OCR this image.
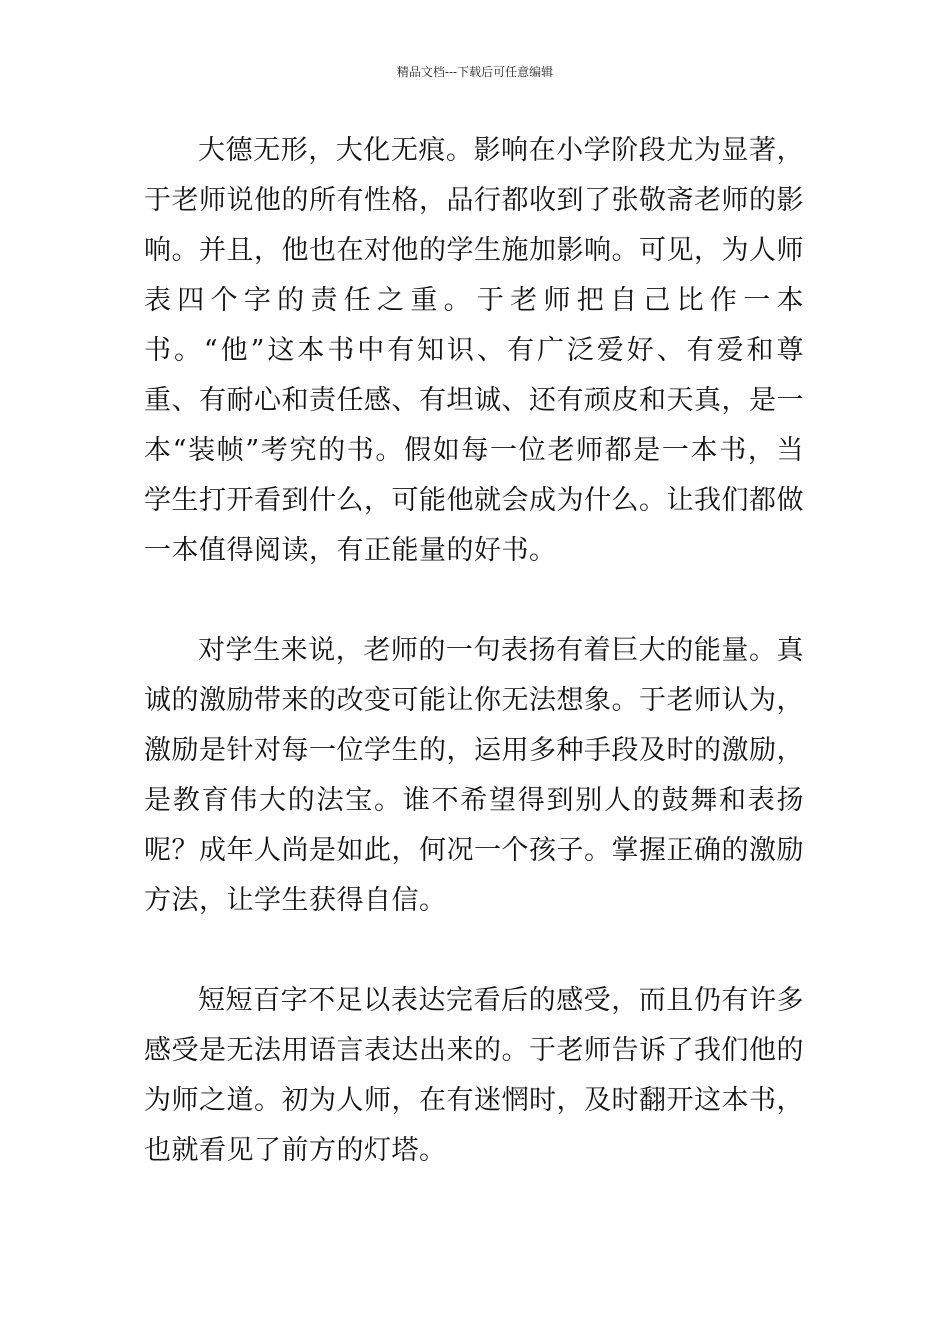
精品文档---下载后可任意编辑

大德无形，大化无痕。影响在小学阶段尤为显著，于老师说他的所有性格，品行都收到了张敬斋老师的影响。并且，他也在对他的学生施加影响。可见，为人师表四个字的责任之重。于老师把自己比作一本书。“他”这本书中有知识、有广泛爱好、有爱和尊重、有耐心和责任感、有坦诚、还有顽皮和天真，是一本“装帧”考究的书。假如每一位老师都是一本书，当学生打开看到什么，可能他就会成为什么。让我们都做一本值得阅读，有正能量的好书。

对学生来说，老师的一句表扬有着巨大的能量。真诚的激励带来的改变可能让你无法想象。于老师认为，激励是针对每一位学生的，运用多种手段及时的激励，是教育伟大的法宝。谁不希望得到别人的鼓舞和表扬呢？成年人尚是如此，何况一个孩子。掌握正确的激励方法，让学生获得自信。

短短百字不足以表达完看后的感受，而且仍有许多感受是无法用语言表达出来的。于老师告诉了我们他的为师之道。初为人师，在有迷惘时，及时翻开这本书，也就看见了前方的灯塔。
